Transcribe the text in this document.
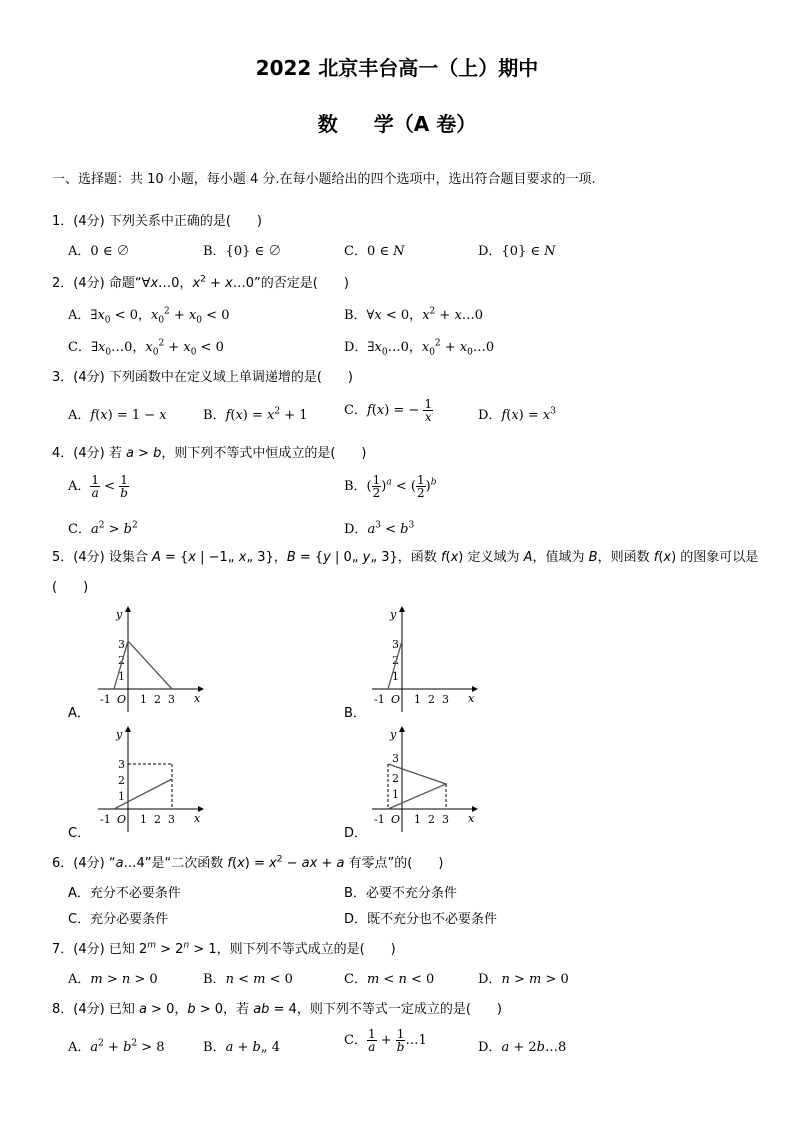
2022 北京丰台高一（上）期中
数 学（A 卷）
一、选择题：共 10 小题，每小题 4 分.在每小题给出的四个选项中，选出符合题目要求的一项.
1．(4分) 下列关系中正确的是(　　)
A．0 ∈ ∅	B．{0} ∈ ∅	C．0 ∈ N	D．{0} ∈ N
2．(4分) 命题“∀x…0，$x^2$ + x…0”的否定是(　　)
A．$\exists x_0 < 0$，$x_0^2 + x_0 < 0$	B．∀x < 0，$x^2$ + x…0
C．$\exists x_0\dots 0$，$x_0^2 + x_0 < 0$	D．$\exists x_0\dots 0$，$x_0^2$ + $x_0\dots 0$
3．(4分) 下列函数中在定义域上单调递增的是(　　)
A．f(x) = 1 − x	B．$f(x) = x^2 + 1$	C．f(x) = − $\frac{1}{x}$	D．$f(x) = x^3$
4．(4分) 若 a > b，则下列不等式中恒成立的是(　　)
A． $\frac{1}{a} < \frac{1}{b}$	B．( $\frac{1}{2} )^a$ < ( $\frac{1}{2} )^b$
C．$a^2 > b^2$	D．$a^3 < b^3$
5．(4分) 设集合 A = {x | −1„ x„ 3}，B = {y | 0„ y„ 3}，函数 f(x) 定义域为 A，值域为 B，则函数 f(x) 的图象可以是
(　　)
A．
y
x
O
-1	1 2 3
3
2
1
B．
y
x
O
-1	1 2 3
3
2
1
C．
y
x
O
-1	1 2 3
3
2
1
D．
y
x
O
-1	1 2 3
3
2
1
6．(4分) “a…4”是“二次函数 $f(x) = x^2$ − ax + a 有零点”的(　　)
A．充分不必要条件	B．必要不充分条件
C．充分必要条件	D．既不充分也不必要条件
7．(4分) 已知 $2^m > 2^n > 1$，则下列不等式成立的是(　　)
A．m > n > 0	B．n < m < 0	C．m < n < 0	D．n > m > 0
8．(4分) 已知 a > 0，b > 0，若 ab = 4，则下列不等式一定成立的是(　　)
A．$a^2 + b^2 > 8$	B．a + b„ 4	C． $\frac{1}{a} + \frac{1}{b}$ …1	D．a + 2b…8
